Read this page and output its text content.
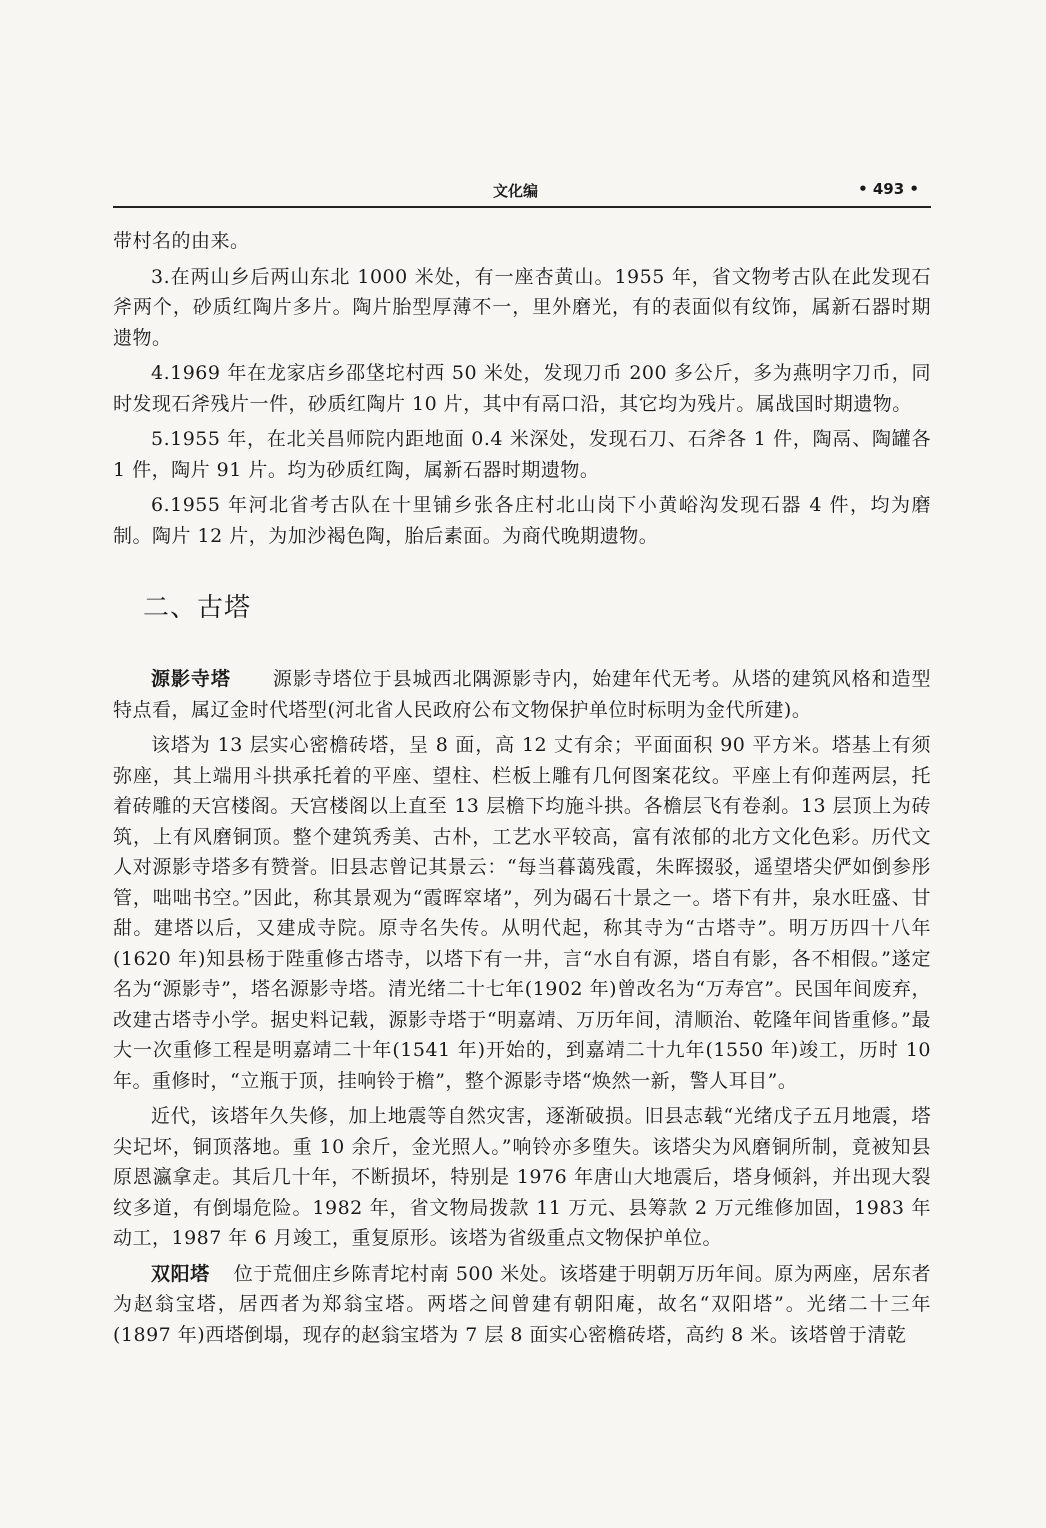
文化编	• 493 •

带村名的由来。

3.在两山乡后两山东北 1000 米处，有一座杏黄山。1955 年，省文物考古队在此发现石斧两个，砂质红陶片多片。陶片胎型厚薄不一，里外磨光，有的表面似有纹饰，属新石器时期遗物。

4.1969 年在龙家店乡邵垡坨村西 50 米处，发现刀币 200 多公斤，多为燕明字刀币，同时发现石斧残片一件，砂质红陶片 10 片，其中有鬲口沿，其它均为残片。属战国时期遗物。

5.1955 年，在北关昌师院内距地面 0.4 米深处，发现石刀、石斧各 1 件，陶鬲、陶罐各 1 件，陶片 91 片。均为砂质红陶，属新石器时期遗物。

6.1955 年河北省考古队在十里铺乡张各庄村北山岗下小黄峪沟发现石器 4 件，均为磨制。陶片 12 片，为加沙褐色陶，胎后素面。为商代晚期遗物。

二、古塔

源影寺塔 源影寺塔位于县城西北隅源影寺内，始建年代无考。从塔的建筑风格和造型特点看，属辽金时代塔型(河北省人民政府公布文物保护单位时标明为金代所建)。

该塔为 13 层实心密檐砖塔，呈 8 面，高 12 丈有余；平面面积 90 平方米。塔基上有须弥座，其上端用斗拱承托着的平座、望柱、栏板上雕有几何图案花纹。平座上有仰莲两层，托着砖雕的天宫楼阁。天宫楼阁以上直至 13 层檐下均施斗拱。各檐层飞有卷刹。13 层顶上为砖筑，上有风磨铜顶。整个建筑秀美、古朴，工艺水平较高，富有浓郁的北方文化色彩。历代文人对源影寺塔多有赞誉。旧县志曾记其景云：“每当暮蔼残霞，朱晖掇驳，遥望塔尖俨如倒参彤管，咄咄书空。”因此，称其景观为“霞晖窣堵”，列为碣石十景之一。塔下有井，泉水旺盛、甘甜。建塔以后，又建成寺院。原寺名失传。从明代起，称其寺为“古塔寺”。明万历四十八年(1620 年)知县杨于陛重修古塔寺，以塔下有一井，言“水自有源，塔自有影，各不相假。”遂定名为“源影寺”，塔名源影寺塔。清光绪二十七年(1902 年)曾改名为“万寿宫”。民国年间废弃，改建古塔寺小学。据史料记载，源影寺塔于“明嘉靖、万历年间，清顺治、乾隆年间皆重修。”最大一次重修工程是明嘉靖二十年(1541 年)开始的，到嘉靖二十九年(1550 年)竣工，历时 10 年。重修时，“立瓶于顶，挂响铃于檐”，整个源影寺塔“焕然一新，警人耳目”。

近代，该塔年久失修，加上地震等自然灾害，逐渐破损。旧县志载“光绪戊子五月地震，塔尖圮坏，铜顶落地。重 10 余斤，金光照人。”响铃亦多堕失。该塔尖为风磨铜所制，竟被知县原恩瀛拿走。其后几十年，不断损坏，特别是 1976 年唐山大地震后，塔身倾斜，并出现大裂纹多道，有倒塌危险。1982 年，省文物局拨款 11 万元、县筹款 2 万元维修加固，1983 年动工，1987 年 6 月竣工，重复原形。该塔为省级重点文物保护单位。

双阳塔 位于荒佃庄乡陈青坨村南 500 米处。该塔建于明朝万历年间。原为两座，居东者为赵翁宝塔，居西者为郑翁宝塔。两塔之间曾建有朝阳庵，故名“双阳塔”。光绪二十三年(1897 年)西塔倒塌，现存的赵翁宝塔为 7 层 8 面实心密檐砖塔，高约 8 米。该塔曾于清乾
